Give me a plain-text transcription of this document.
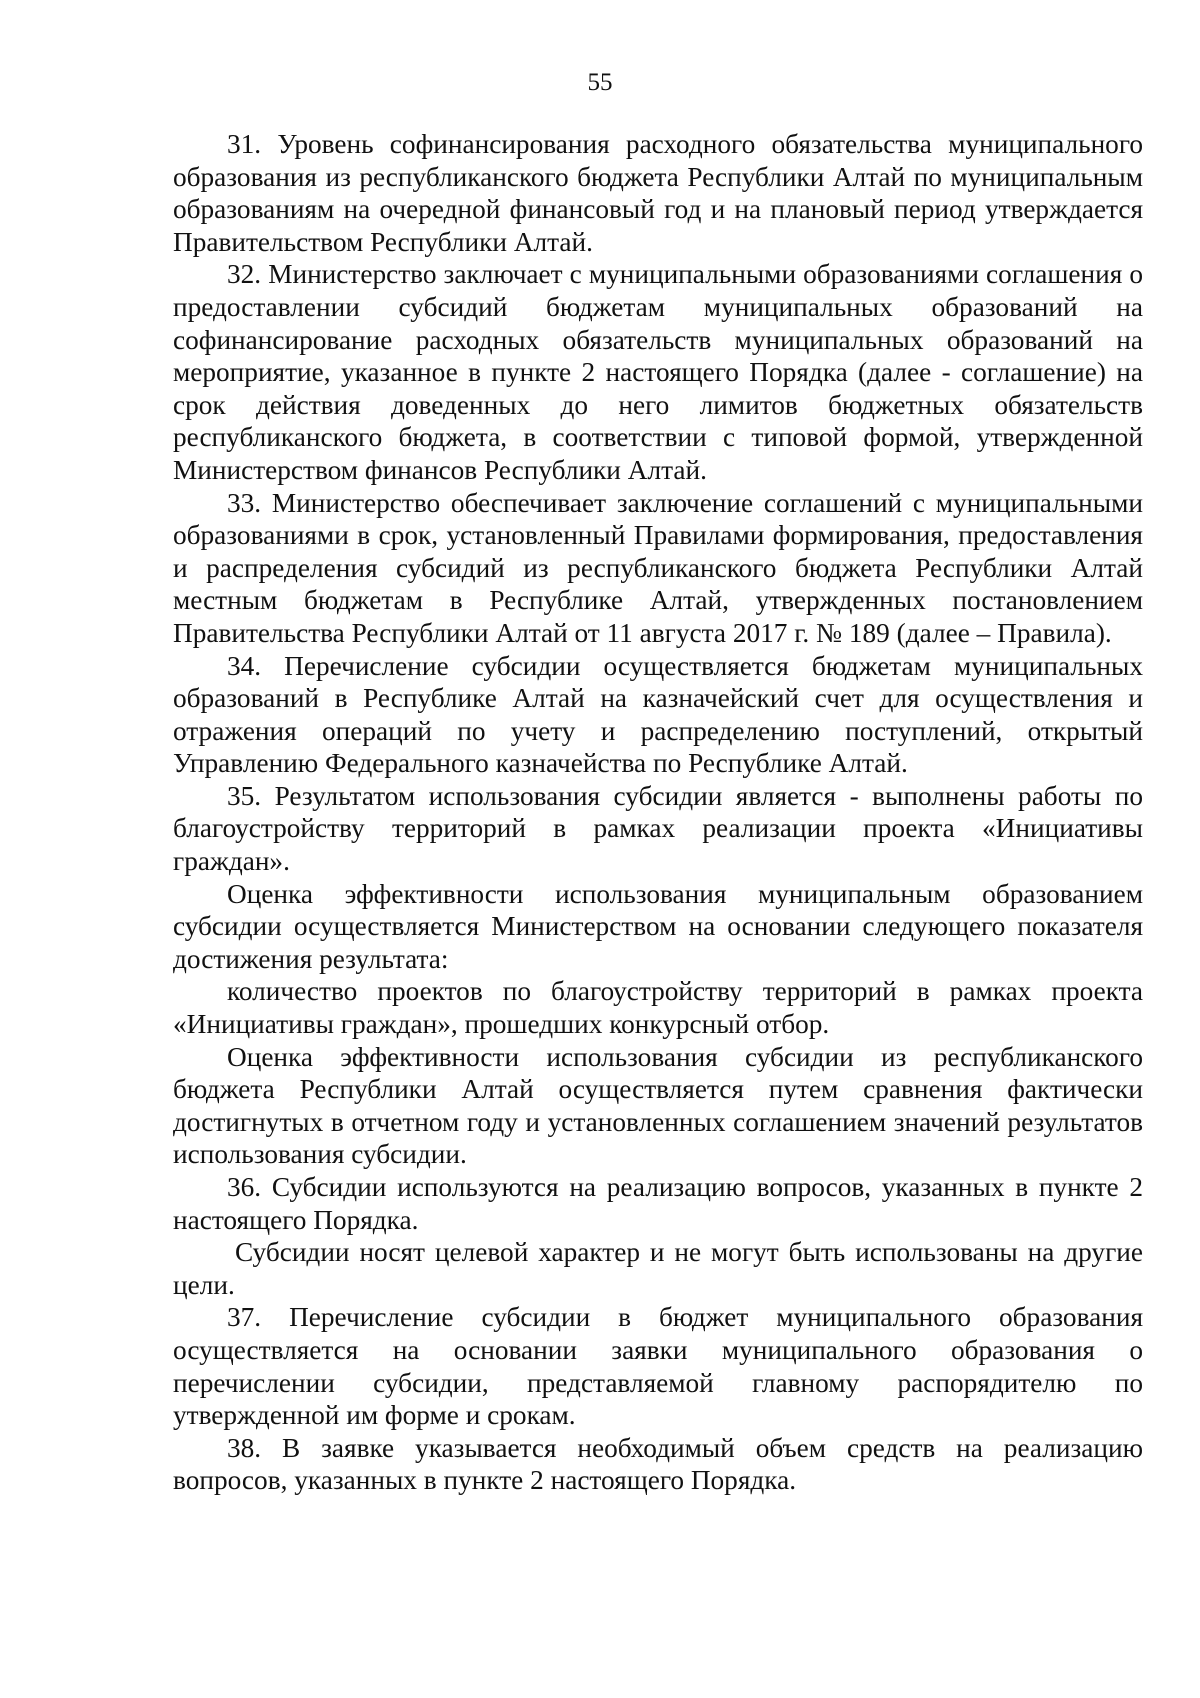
55

31. Уровень софинансирования расходного обязательства муниципального образования из республиканского бюджета Республики Алтай по муниципальным образованиям на очередной финансовый год и на плановый период утверждается Правительством Республики Алтай.

32. Министерство заключает с муниципальными образованиями соглашения о предоставлении субсидий бюджетам муниципальных образований на софинансирование расходных обязательств муниципальных образований на мероприятие, указанное в пункте 2 настоящего Порядка (далее - соглашение) на срок действия доведенных до него лимитов бюджетных обязательств республиканского бюджета, в соответствии с типовой формой, утвержденной Министерством финансов Республики Алтай.

33. Министерство обеспечивает заключение соглашений с муниципальными образованиями в срок, установленный Правилами формирования, предоставления и распределения субсидий из республиканского бюджета Республики Алтай местным бюджетам в Республике Алтай, утвержденных постановлением Правительства Республики Алтай от 11 августа 2017 г. № 189 (далее – Правила).

34. Перечисление субсидии осуществляется бюджетам муниципальных образований в Республике Алтай на казначейский счет для осуществления и отражения операций по учету и распределению поступлений, открытый Управлению Федерального казначейства по Республике Алтай.

35. Результатом использования субсидии является - выполнены работы по благоустройству территорий в рамках реализации проекта «Инициативы граждан».

Оценка эффективности использования муниципальным образованием субсидии осуществляется Министерством на основании следующего показателя достижения результата:

количество проектов по благоустройству территорий в рамках проекта «Инициативы граждан», прошедших конкурсный отбор.

Оценка эффективности использования субсидии из республиканского бюджета Республики Алтай осуществляется путем сравнения фактически достигнутых в отчетном году и установленных соглашением значений результатов использования субсидии.

36. Субсидии используются на реализацию вопросов, указанных в пункте 2 настоящего Порядка.

Субсидии носят целевой характер и не могут быть использованы на другие цели.

37. Перечисление субсидии в бюджет муниципального образования осуществляется на основании заявки муниципального образования о перечислении субсидии, представляемой главному распорядителю по утвержденной им форме и срокам.

38. В заявке указывается необходимый объем средств на реализацию вопросов, указанных в пункте 2 настоящего Порядка.
